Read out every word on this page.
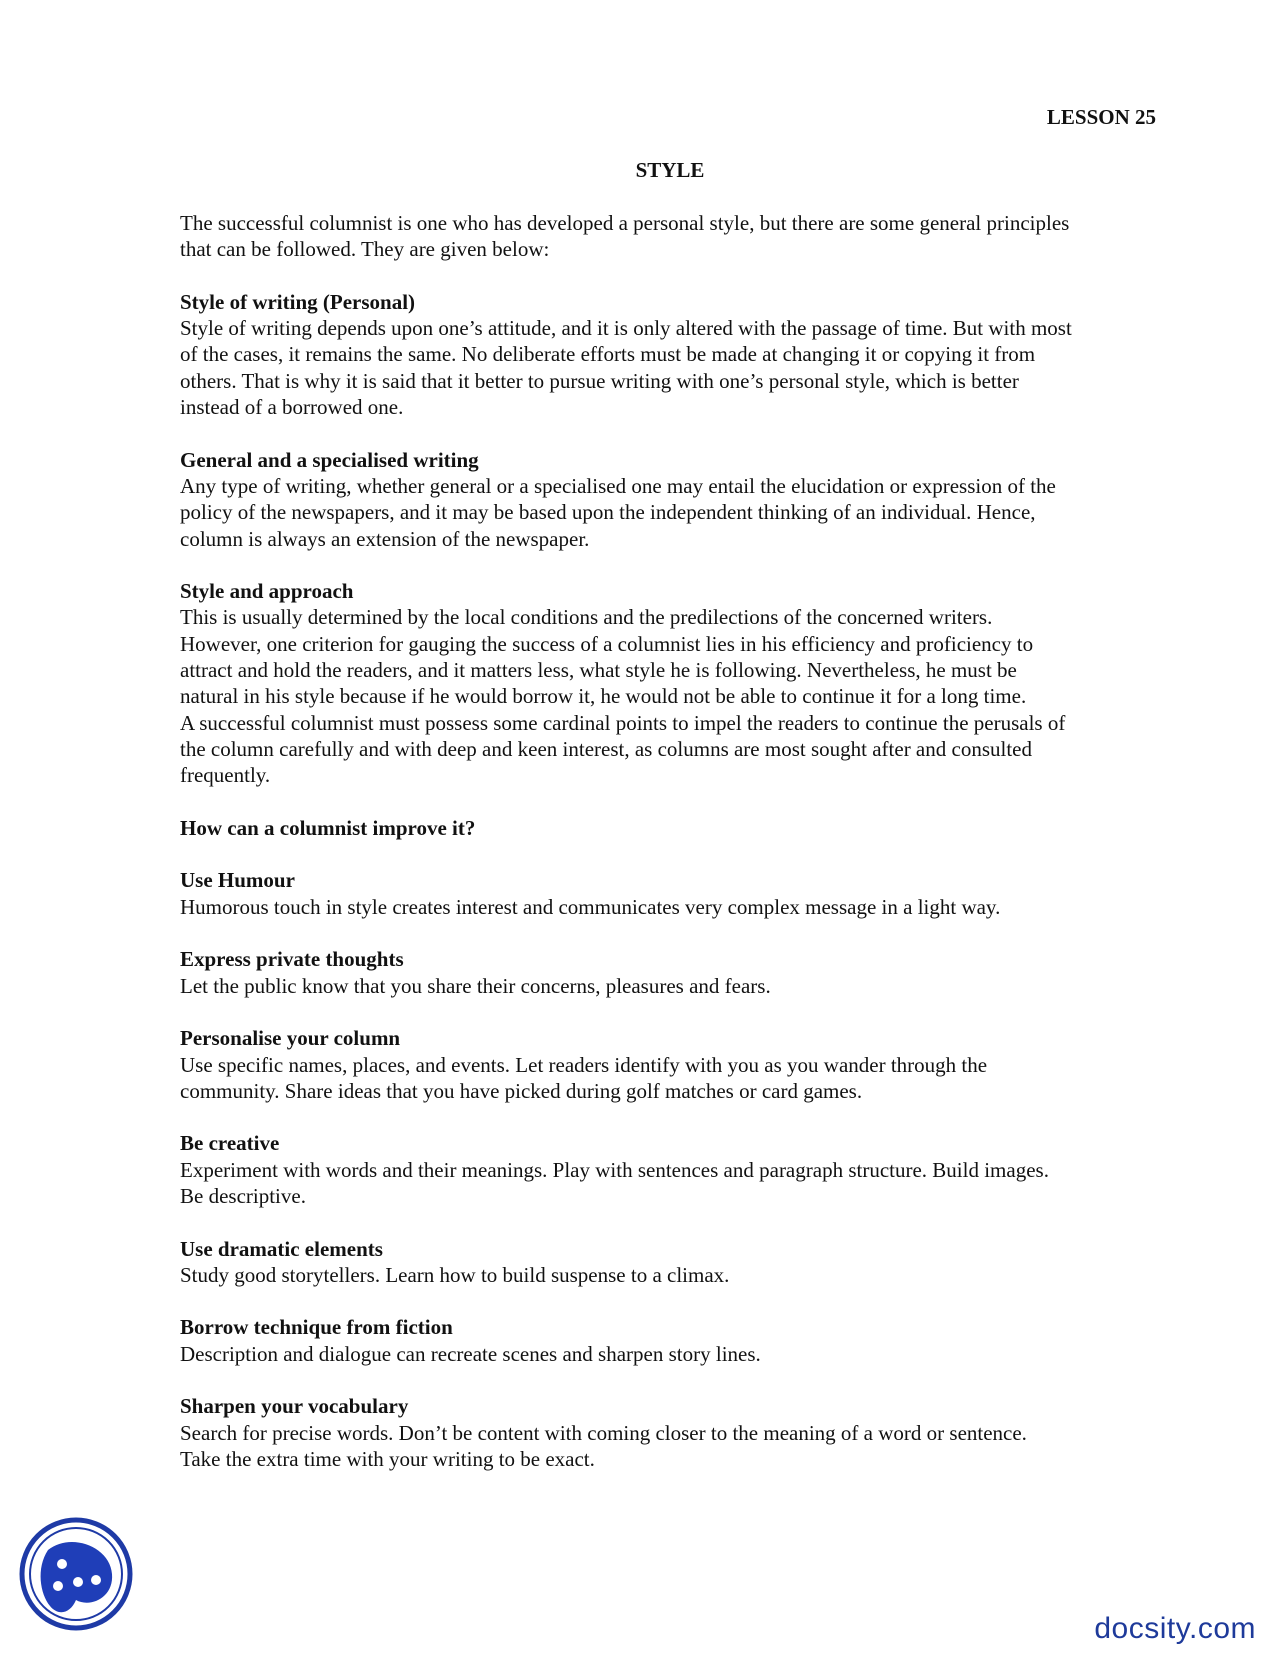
LESSON 25

STYLE

The successful columnist is one who has developed a personal style, but there are some general principles
that can be followed. They are given below:

Style of writing (Personal)

Style of writing depends upon one’s attitude, and it is only altered with the passage of time. But with most
of the cases, it remains the same. No deliberate efforts must be made at changing it or copying it from
others. That is why it is said that it better to pursue writing with one’s personal style, which is better
instead of a borrowed one.

General and a specialised writing

Any type of writing, whether general or a specialised one may entail the elucidation or expression of the
policy of the newspapers, and it may be based upon the independent thinking of an individual. Hence,
column is always an extension of the newspaper.

Style and approach

This is usually determined by the local conditions and the predilections of the concerned writers.
However, one criterion for gauging the success of a columnist lies in his efficiency and proficiency to
attract and hold the readers, and it matters less, what style he is following. Nevertheless, he must be
natural in his style because if he would borrow it, he would not be able to continue it for a long time.
A successful columnist must possess some cardinal points to impel the readers to continue the perusals of
the column carefully and with deep and keen interest, as columns are most sought after and consulted
frequently.

How can a columnist improve it?

Use Humour

Humorous touch in style creates interest and communicates very complex message in a light way.

Express private thoughts

Let the public know that you share their concerns, pleasures and fears.

Personalise your column

Use specific names, places, and events. Let readers identify with you as you wander through the
community. Share ideas that you have picked during golf matches or card games.

Be creative

Experiment with words and their meanings. Play with sentences and paragraph structure. Build images.
Be descriptive.

Use dramatic elements

Study good storytellers. Learn how to build suspense to a climax.

Borrow technique from fiction

Description and dialogue can recreate scenes and sharpen story lines.

Sharpen your vocabulary

Search for precise words. Don’t be content with coming closer to the meaning of a word or sentence.
Take the extra time with your writing to be exact.

docsity.com
